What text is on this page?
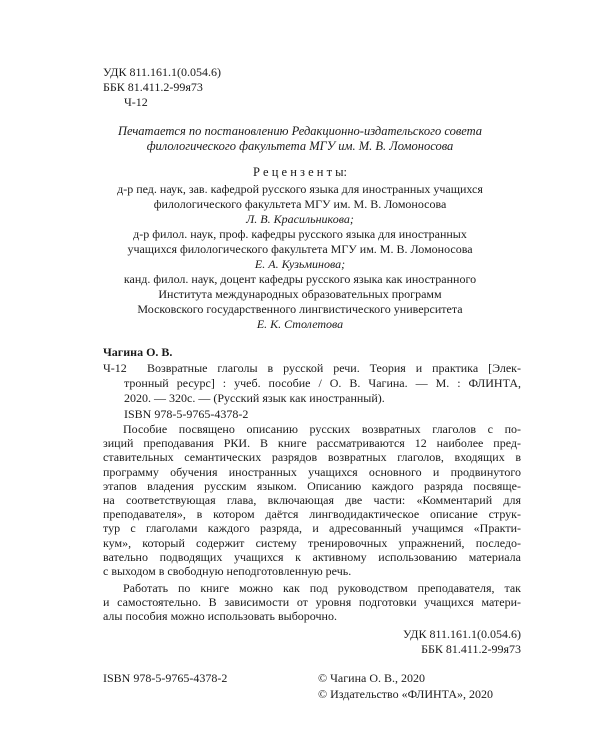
УДК 811.161.1(0.054.6)
ББК 81.411.2-99я73
Ч-12
Печатается по постановлению Редакционно-издательского совета
филологического факультета МГУ им. М. В. Ломоносова
Р е ц е н з е н т ы:
д-р пед. наук, зав. кафедрой русского языка для иностранных учащихся
филологического факультета МГУ им. М. В. Ломоносова
Л. В. Красильникова;
д-р филол. наук, проф. кафедры русского языка для иностранных
учащихся филологического факультета МГУ им. М. В. Ломоносова
Е. А. Кузьминова;
канд. филол. наук, доцент кафедры русского языка как иностранного
Института международных образовательных программ
Московского государственного лингвистического университета
Е. К. Столетова
Чагина О. В.
Ч-12 Возвратные глаголы в русской речи. Теория и практика [Элек-
тронный ресурс] : учеб. пособие / О. В. Чагина. — М. : ФЛИНТА,
2020. — 320с. — (Русский язык как иностранный).
ISBN 978-5-9765-4378-2
Пособие посвящено описанию русских возвратных глаголов с по-
зиций преподавания РКИ. В книге рассматриваются 12 наиболее пред-
ставительных семантических разрядов возвратных глаголов, входящих в
программу обучения иностранных учащихся основного и продвинутого
этапов владения русским языком. Описанию каждого разряда посвяще-
на соответствующая глава, включающая две части: «Комментарий для
преподавателя», в котором даётся лингводидактическое описание струк-
тур с глаголами каждого разряда, и адресованный учащимся «Практи-
кум», который содержит систему тренировочных упражнений, последо-
вательно подводящих учащихся к активному использованию материала
с выходом в свободную неподготовленную речь.
Работать по книге можно как под руководством преподавателя, так
и самостоятельно. В зависимости от уровня подготовки учащихся матери-
алы пособия можно использовать выборочно.
УДК 811.161.1(0.054.6)
ББК 81.411.2-99я73
ISBN 978-5-9765-4378-2	© Чагина О. В., 2020
© Издательство «ФЛИНТА», 2020
